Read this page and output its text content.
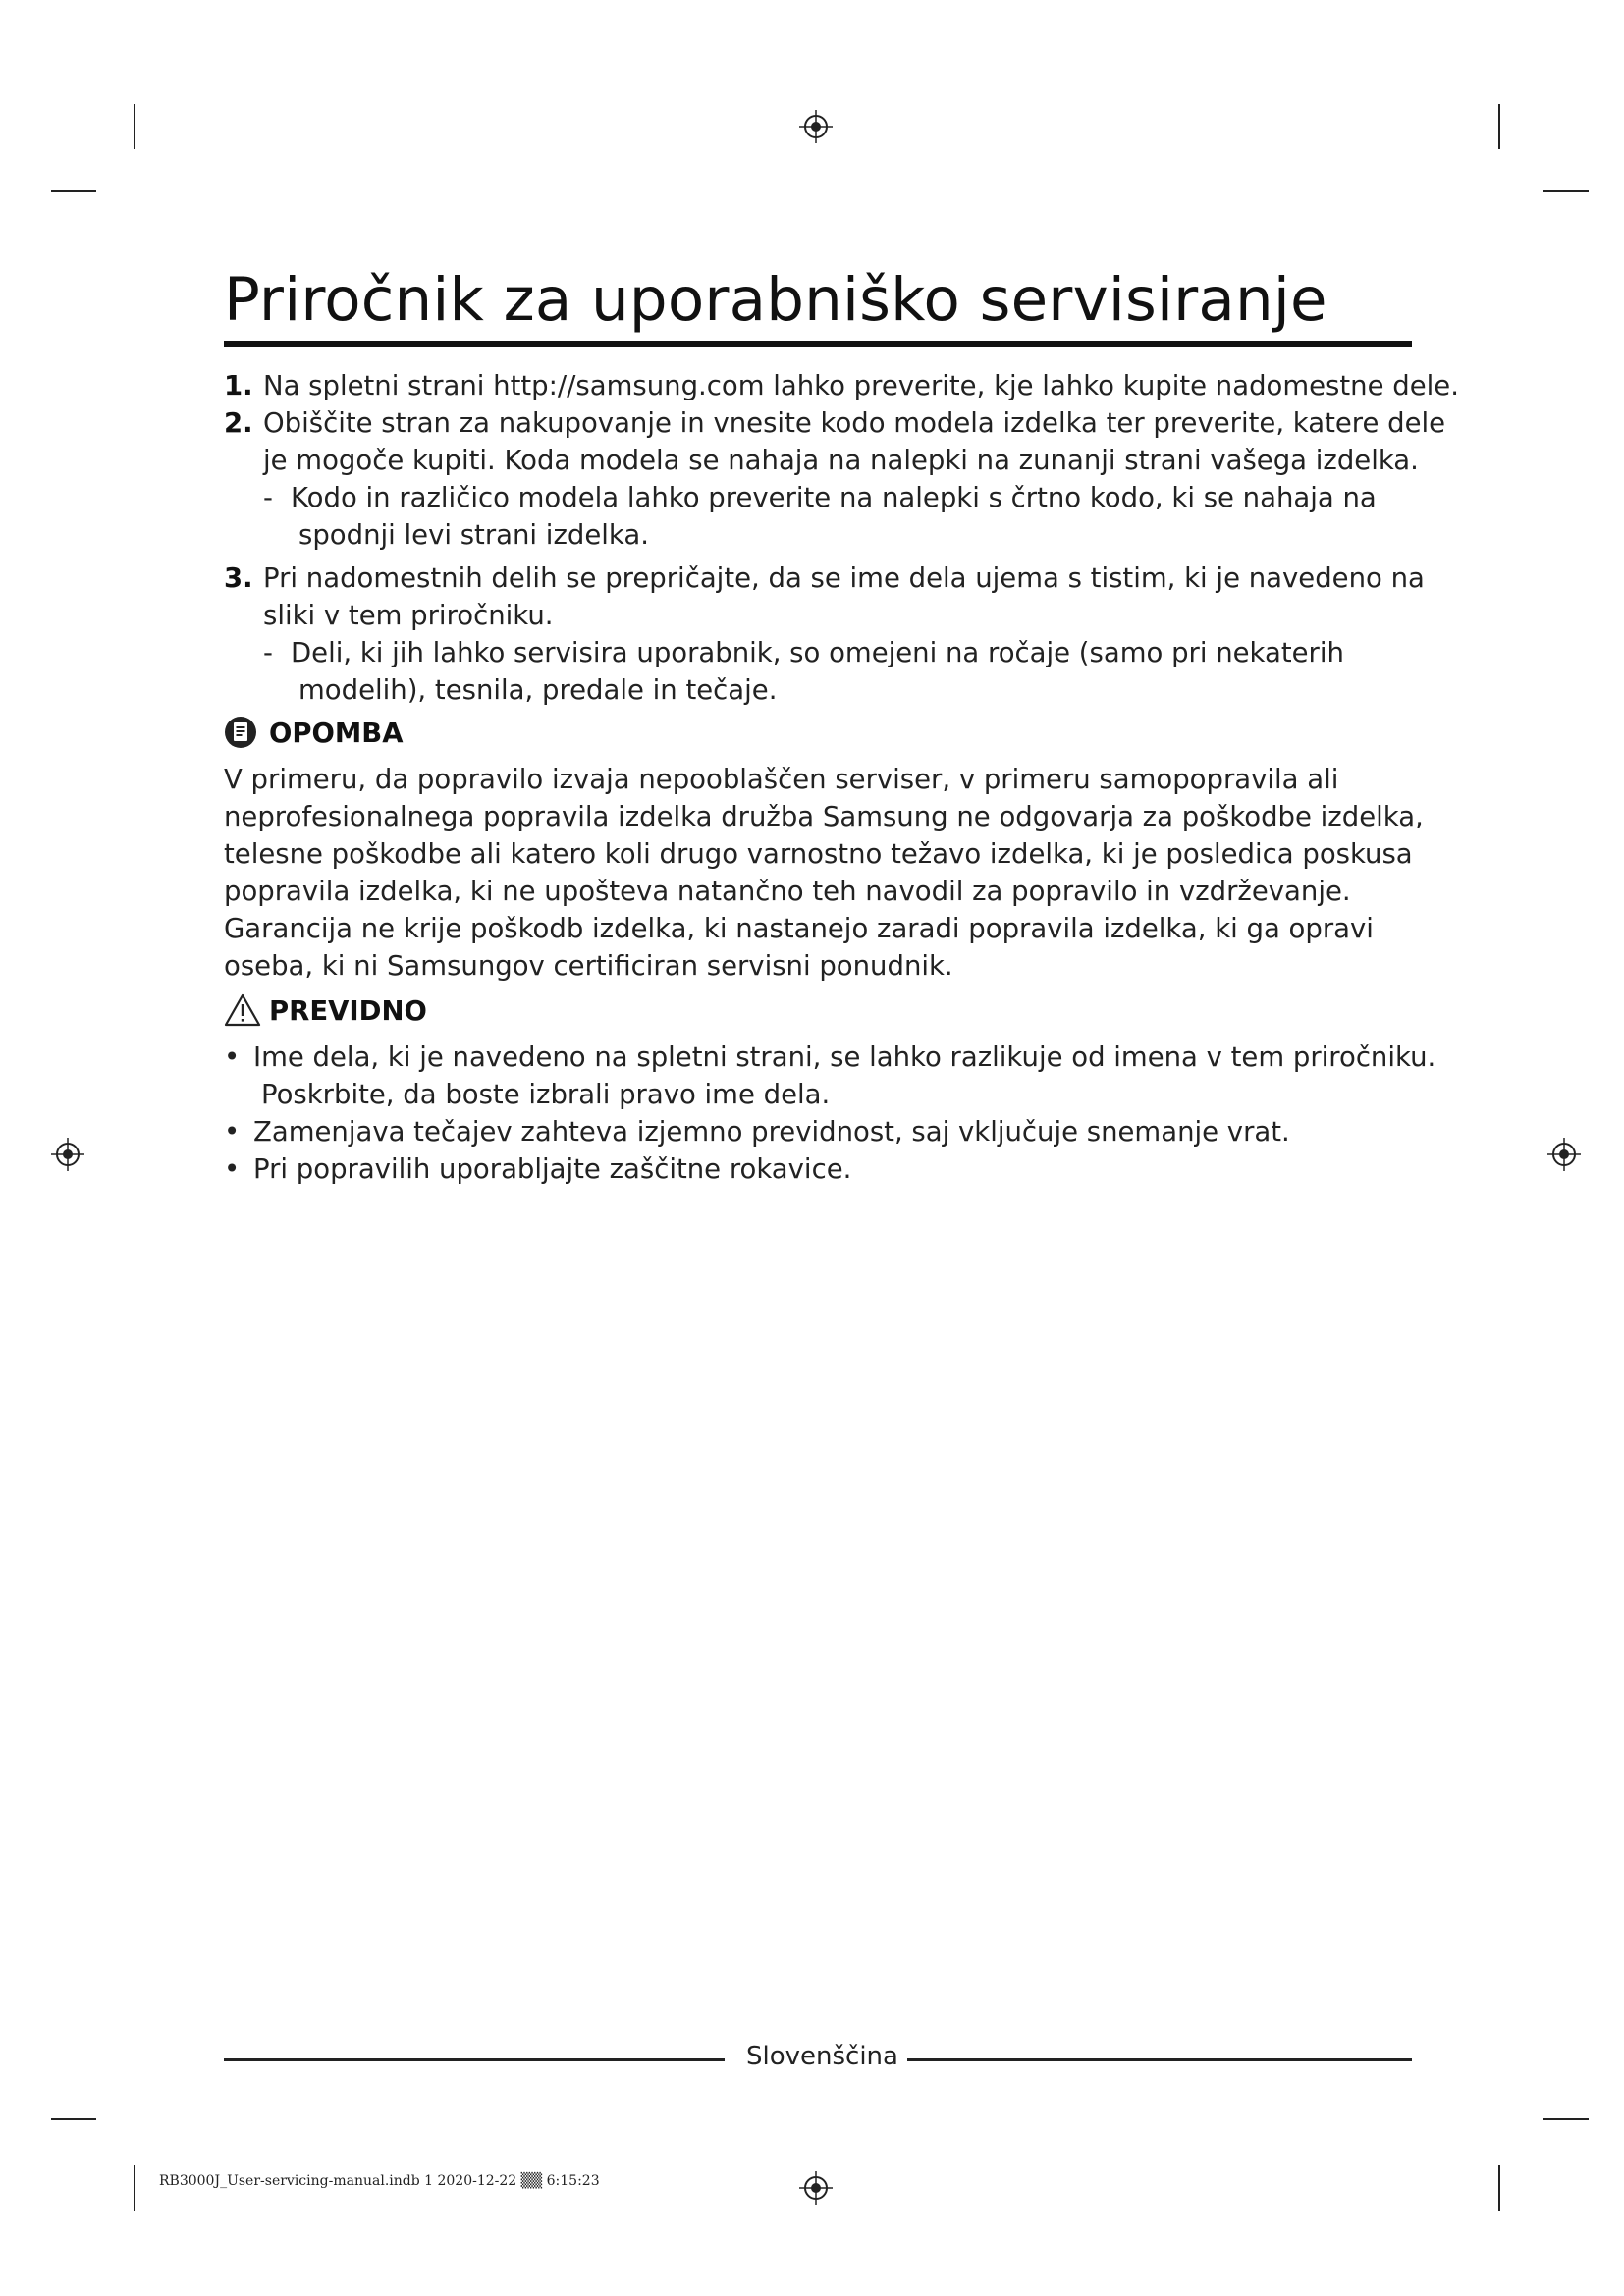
Priročnik za uporabniško servisiranje
1. Na spletni strani http://samsung.com lahko preverite, kje lahko kupite nadomestne dele.
2. Obiščite stran za nakupovanje in vnesite kodo modela izdelka ter preverite, katere dele
je mogoče kupiti. Koda modela se nahaja na nalepki na zunanji strani vašega izdelka.
- Kodo in različico modela lahko preverite na nalepki s črtno kodo, ki se nahaja na
spodnji levi strani izdelka.
3. Pri nadomestnih delih se prepričajte, da se ime dela ujema s tistim, ki je navedeno na
sliki v tem priročniku.
- Deli, ki jih lahko servisira uporabnik, so omejeni na ročaje (samo pri nekaterih
modelih), tesnila, predale in tečaje.
OPOMBA
V primeru, da popravilo izvaja nepooblaščen serviser, v primeru samopopravila ali
neprofesionalnega popravila izdelka družba Samsung ne odgovarja za poškodbe izdelka,
telesne poškodbe ali katero koli drugo varnostno težavo izdelka, ki je posledica poskusa
popravila izdelka, ki ne upošteva natančno teh navodil za popravilo in vzdrževanje.
Garancija ne krije poškodb izdelka, ki nastanejo zaradi popravila izdelka, ki ga opravi
oseba, ki ni Samsungov certificiran servisni ponudnik.
PREVIDNO
• Ime dela, ki je navedeno na spletni strani, se lahko razlikuje od imena v tem priročniku.
Poskrbite, da boste izbrali pravo ime dela.
• Zamenjava tečajev zahteva izjemno previdnost, saj vključuje snemanje vrat.
• Pri popravilih uporabljajte zaščitne rokavice.
Slovenščina
RB3000J_User-servicing-manual.indb 1 2020-12-22 ▒▒ 6:15:23
